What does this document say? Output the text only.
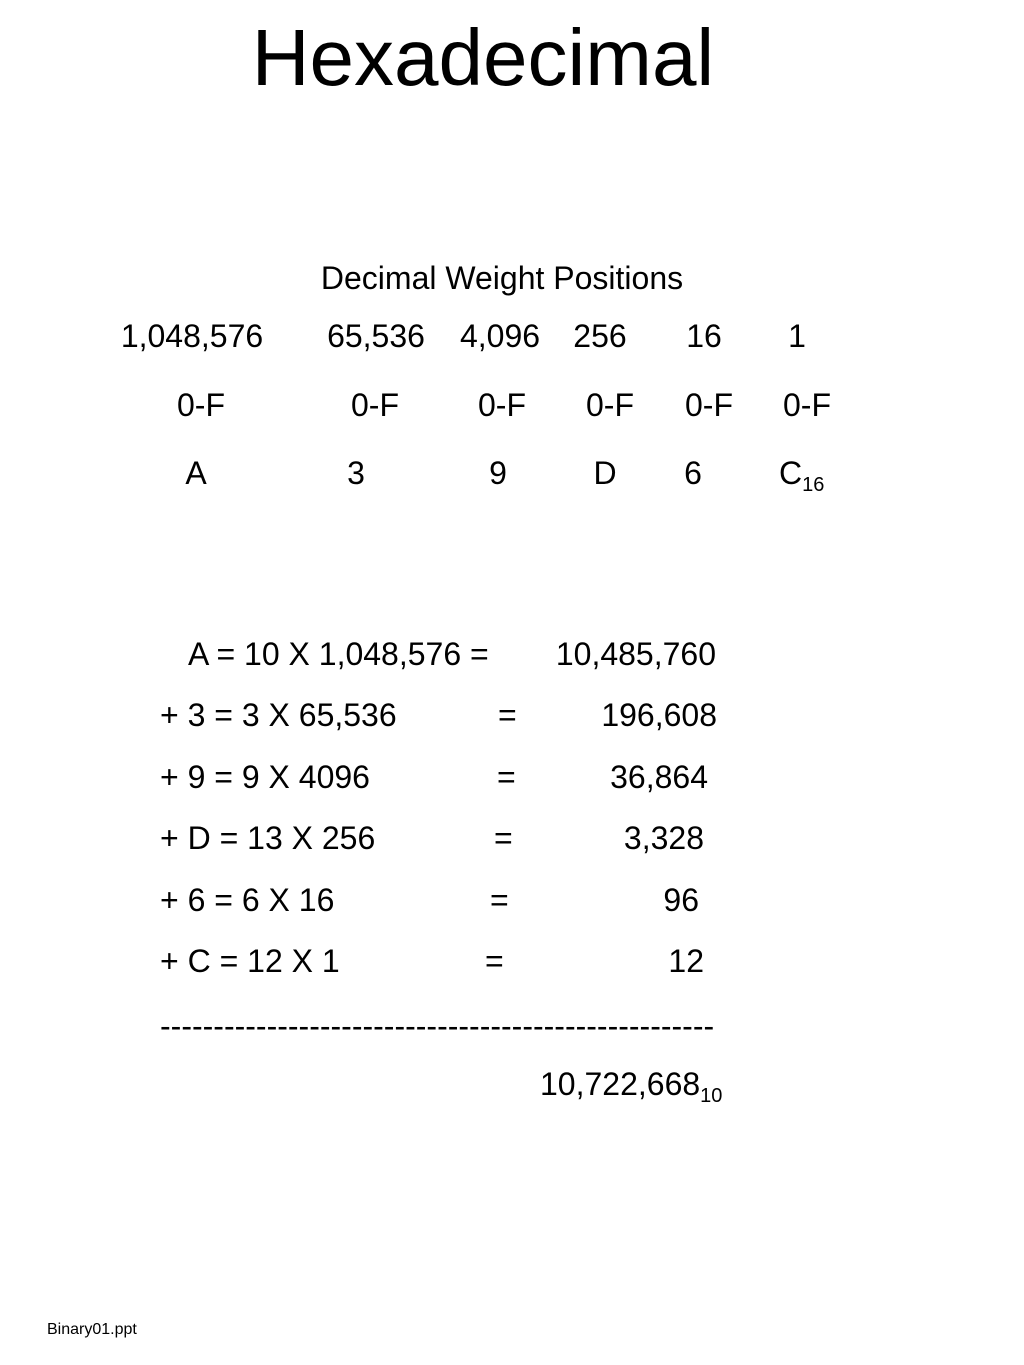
Hexadecimal
Decimal Weight Positions
1,048,576 65,536 4,096 256 16 1
0-F	0-F 0-F 0-F 0-F 0-F
A	3	9	D 6 $C_{16}$
A = 10 X 1,048,576 =	10,485,760
+ 3 = 3 X 65,536	=	196,608
+ 9 = 9 X 4096	=	36,864
+ D = 13 X 256	=	3,328
+ 6 = 6 X 16	=	96
+ C = 12 X 1	=	12
----------------------------------------------------
$10,722,668_{10}$
Binary01.ppt
